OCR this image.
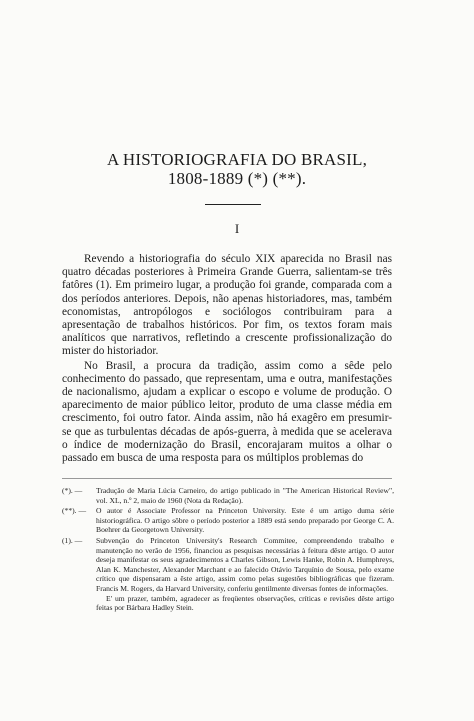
A HISTORIOGRAFIA DO BRASIL,
1808-1889 (*) (**).
I

Revendo a historiografia do século XIX aparecida no Brasil nas quatro décadas posteriores à Primeira Grande Guerra, salientam-se três fatôres (1). Em primeiro lugar, a produção foi grande, comparada com a dos períodos anteriores. Depois, não apenas historiadores, mas, também economistas, antropólogos e sociólogos contribuiram para a apresentação de trabalhos históricos. Por fim, os textos foram mais analíticos que narrativos, refletindo a crescente profissionalização do mister do historiador.

No Brasil, a procura da tradição, assim como a sêde pelo conhecimento do passado, que representam, uma e outra, manifestações de nacionalismo, ajudam a explicar o escopo e volume de produção. O aparecimento de maior público leitor, produto de uma classe média em crescimento, foi outro fator. Ainda assim, não há exagêro em presumir-se que as turbulentas décadas de após-guerra, à medida que se acelerava o índice de modernização do Brasil, encorajaram muitos a olhar o passado em busca de uma resposta para os múltiplos problemas do

(*). —	Tradução de Maria Lúcia Carneiro, do artigo publicado in "The American Historical Review", vol. XL, n.º 2, maio de 1960 (Nota da Redação).

(**). —	O autor é Associate Professor na Princeton University. Este é um artigo duma série historiográfica. O artigo sôbre o período posterior a 1889 está sendo preparado por George C. A. Boehrer da Georgetown University.

(1). —	Subvenção do Princeton University's Research Commitee, compreendendo trabalho e manutenção no verão de 1956, financiou as pesquisas necessárias à feitura dêste artigo. O autor deseja manifestar os seus agradecimentos a Charles Gibson, Lewis Hanke, Robin A. Humphreys, Alan K. Manchester, Alexander Marchant e ao falecido Otávio Tarquínio de Sousa, pelo exame crítico que dispensaram a êste artigo, assim como pelas sugestões bibliográficas que fizeram. Francis M. Rogers, da Harvard University, conferiu gentilmente diversas fontes de informações.

E' um prazer, também, agradecer as freqüentes observações, críticas e revisões dêste artigo feitas por Bárbara Hadley Stein.
